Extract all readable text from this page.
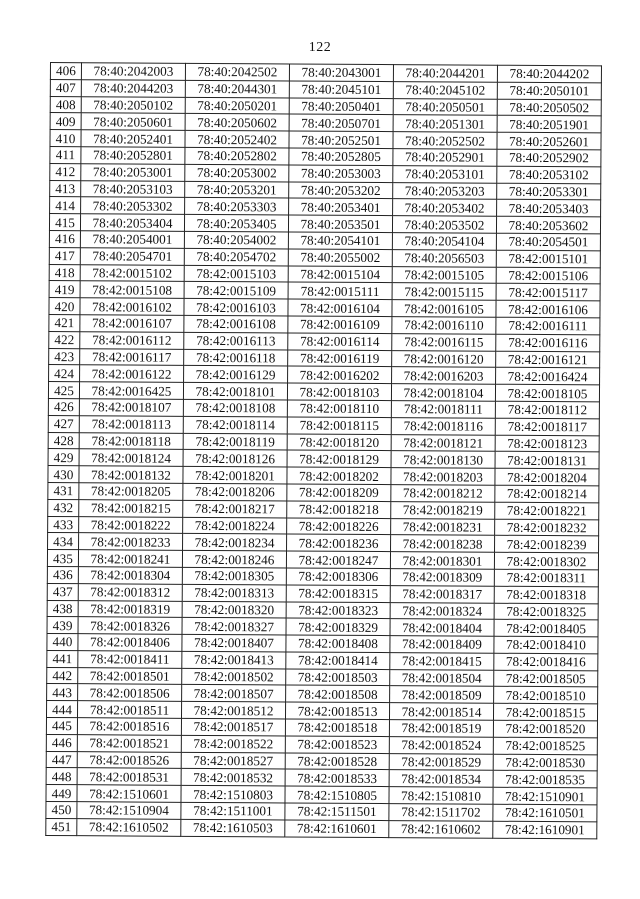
122
406	78:40:2042003	78:40:2042502	78:40:2043001	78:40:2044201	78:40:2044202
407	78:40:2044203	78:40:2044301	78:40:2045101	78:40:2045102	78:40:2050101
408	78:40:2050102	78:40:2050201	78:40:2050401	78:40:2050501	78:40:2050502
409	78:40:2050601	78:40:2050602	78:40:2050701	78:40:2051301	78:40:2051901
410	78:40:2052401	78:40:2052402	78:40:2052501	78:40:2052502	78:40:2052601
411	78:40:2052801	78:40:2052802	78:40:2052805	78:40:2052901	78:40:2052902
412	78:40:2053001	78:40:2053002	78:40:2053003	78:40:2053101	78:40:2053102
413	78:40:2053103	78:40:2053201	78:40:2053202	78:40:2053203	78:40:2053301
414	78:40:2053302	78:40:2053303	78:40:2053401	78:40:2053402	78:40:2053403
415	78:40:2053404	78:40:2053405	78:40:2053501	78:40:2053502	78:40:2053602
416	78:40:2054001	78:40:2054002	78:40:2054101	78:40:2054104	78:40:2054501
417	78:40:2054701	78:40:2054702	78:40:2055002	78:40:2056503	78:42:0015101
418	78:42:0015102	78:42:0015103	78:42:0015104	78:42:0015105	78:42:0015106
419	78:42:0015108	78:42:0015109	78:42:0015111	78:42:0015115	78:42:0015117
420	78:42:0016102	78:42:0016103	78:42:0016104	78:42:0016105	78:42:0016106
421	78:42:0016107	78:42:0016108	78:42:0016109	78:42:0016110	78:42:0016111
422	78:42:0016112	78:42:0016113	78:42:0016114	78:42:0016115	78:42:0016116
423	78:42:0016117	78:42:0016118	78:42:0016119	78:42:0016120	78:42:0016121
424	78:42:0016122	78:42:0016129	78:42:0016202	78:42:0016203	78:42:0016424
425	78:42:0016425	78:42:0018101	78:42:0018103	78:42:0018104	78:42:0018105
426	78:42:0018107	78:42:0018108	78:42:0018110	78:42:0018111	78:42:0018112
427	78:42:0018113	78:42:0018114	78:42:0018115	78:42:0018116	78:42:0018117
428	78:42:0018118	78:42:0018119	78:42:0018120	78:42:0018121	78:42:0018123
429	78:42:0018124	78:42:0018126	78:42:0018129	78:42:0018130	78:42:0018131
430	78:42:0018132	78:42:0018201	78:42:0018202	78:42:0018203	78:42:0018204
431	78:42:0018205	78:42:0018206	78:42:0018209	78:42:0018212	78:42:0018214
432	78:42:0018215	78:42:0018217	78:42:0018218	78:42:0018219	78:42:0018221
433	78:42:0018222	78:42:0018224	78:42:0018226	78:42:0018231	78:42:0018232
434	78:42:0018233	78:42:0018234	78:42:0018236	78:42:0018238	78:42:0018239
435	78:42:0018241	78:42:0018246	78:42:0018247	78:42:0018301	78:42:0018302
436	78:42:0018304	78:42:0018305	78:42:0018306	78:42:0018309	78:42:0018311
437	78:42:0018312	78:42:0018313	78:42:0018315	78:42:0018317	78:42:0018318
438	78:42:0018319	78:42:0018320	78:42:0018323	78:42:0018324	78:42:0018325
439	78:42:0018326	78:42:0018327	78:42:0018329	78:42:0018404	78:42:0018405
440	78:42:0018406	78:42:0018407	78:42:0018408	78:42:0018409	78:42:0018410
441	78:42:0018411	78:42:0018413	78:42:0018414	78:42:0018415	78:42:0018416
442	78:42:0018501	78:42:0018502	78:42:0018503	78:42:0018504	78:42:0018505
443	78:42:0018506	78:42:0018507	78:42:0018508	78:42:0018509	78:42:0018510
444	78:42:0018511	78:42:0018512	78:42:0018513	78:42:0018514	78:42:0018515
445	78:42:0018516	78:42:0018517	78:42:0018518	78:42:0018519	78:42:0018520
446	78:42:0018521	78:42:0018522	78:42:0018523	78:42:0018524	78:42:0018525
447	78:42:0018526	78:42:0018527	78:42:0018528	78:42:0018529	78:42:0018530
448	78:42:0018531	78:42:0018532	78:42:0018533	78:42:0018534	78:42:0018535
449	78:42:1510601	78:42:1510803	78:42:1510805	78:42:1510810	78:42:1510901
450	78:42:1510904	78:42:1511001	78:42:1511501	78:42:1511702	78:42:1610501
451	78:42:1610502	78:42:1610503	78:42:1610601	78:42:1610602	78:42:1610901
